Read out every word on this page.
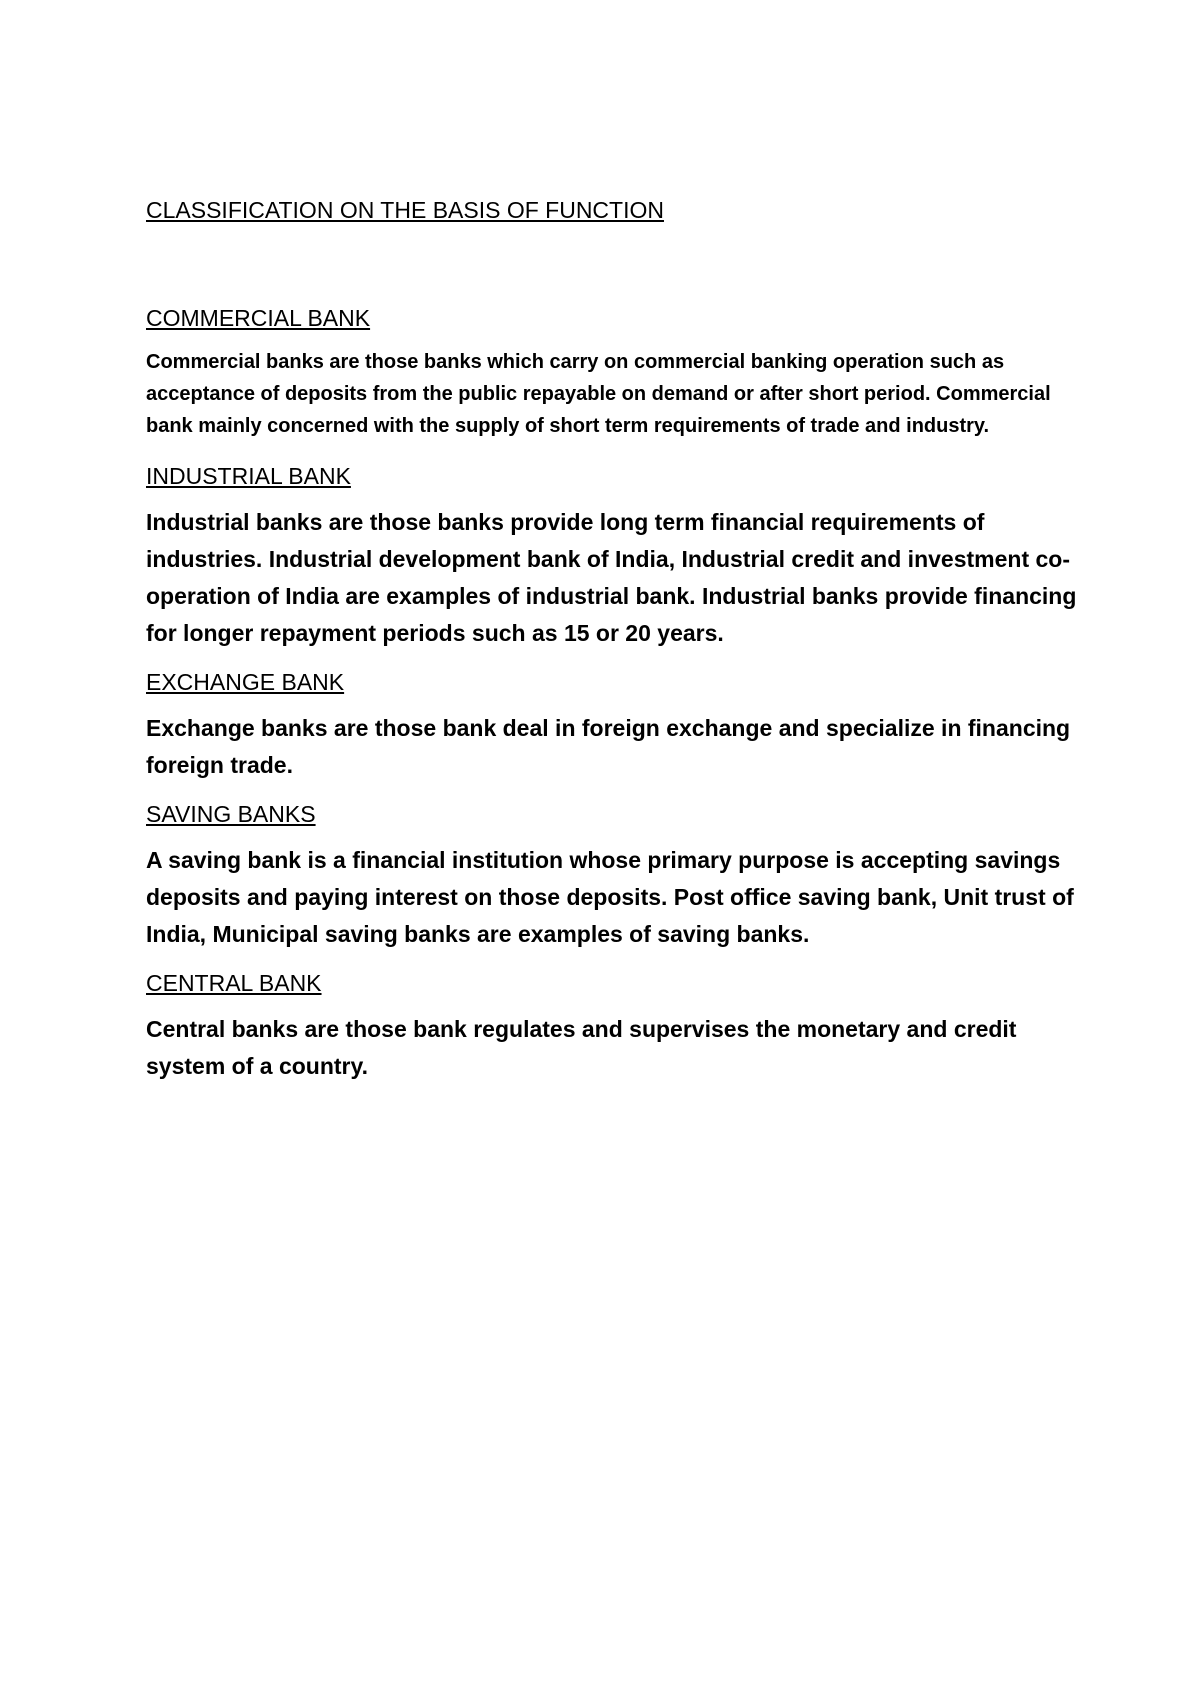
CLASSIFICATION ON THE BASIS OF FUNCTION
COMMERCIAL BANK

Commercial banks are those banks which carry on commercial banking operation such as acceptance of deposits from the public repayable on demand or after short period. Commercial bank mainly concerned with the supply of short term requirements of trade and industry.

INDUSTRIAL BANK

Industrial banks are those banks provide long term financial requirements of industries. Industrial development bank of India, Industrial credit and investment co-operation of India are examples of industrial bank. Industrial banks provide financing for longer repayment periods such as 15 or 20 years.

EXCHANGE BANK

Exchange banks are those bank deal in foreign exchange and specialize in financing foreign trade.

SAVING BANKS

A saving bank is a financial institution whose primary purpose is accepting savings deposits and paying interest on those deposits. Post office saving bank, Unit trust of India, Municipal saving banks are examples of saving banks.

CENTRAL BANK

Central banks are those bank regulates and supervises the monetary and credit system of a country.
